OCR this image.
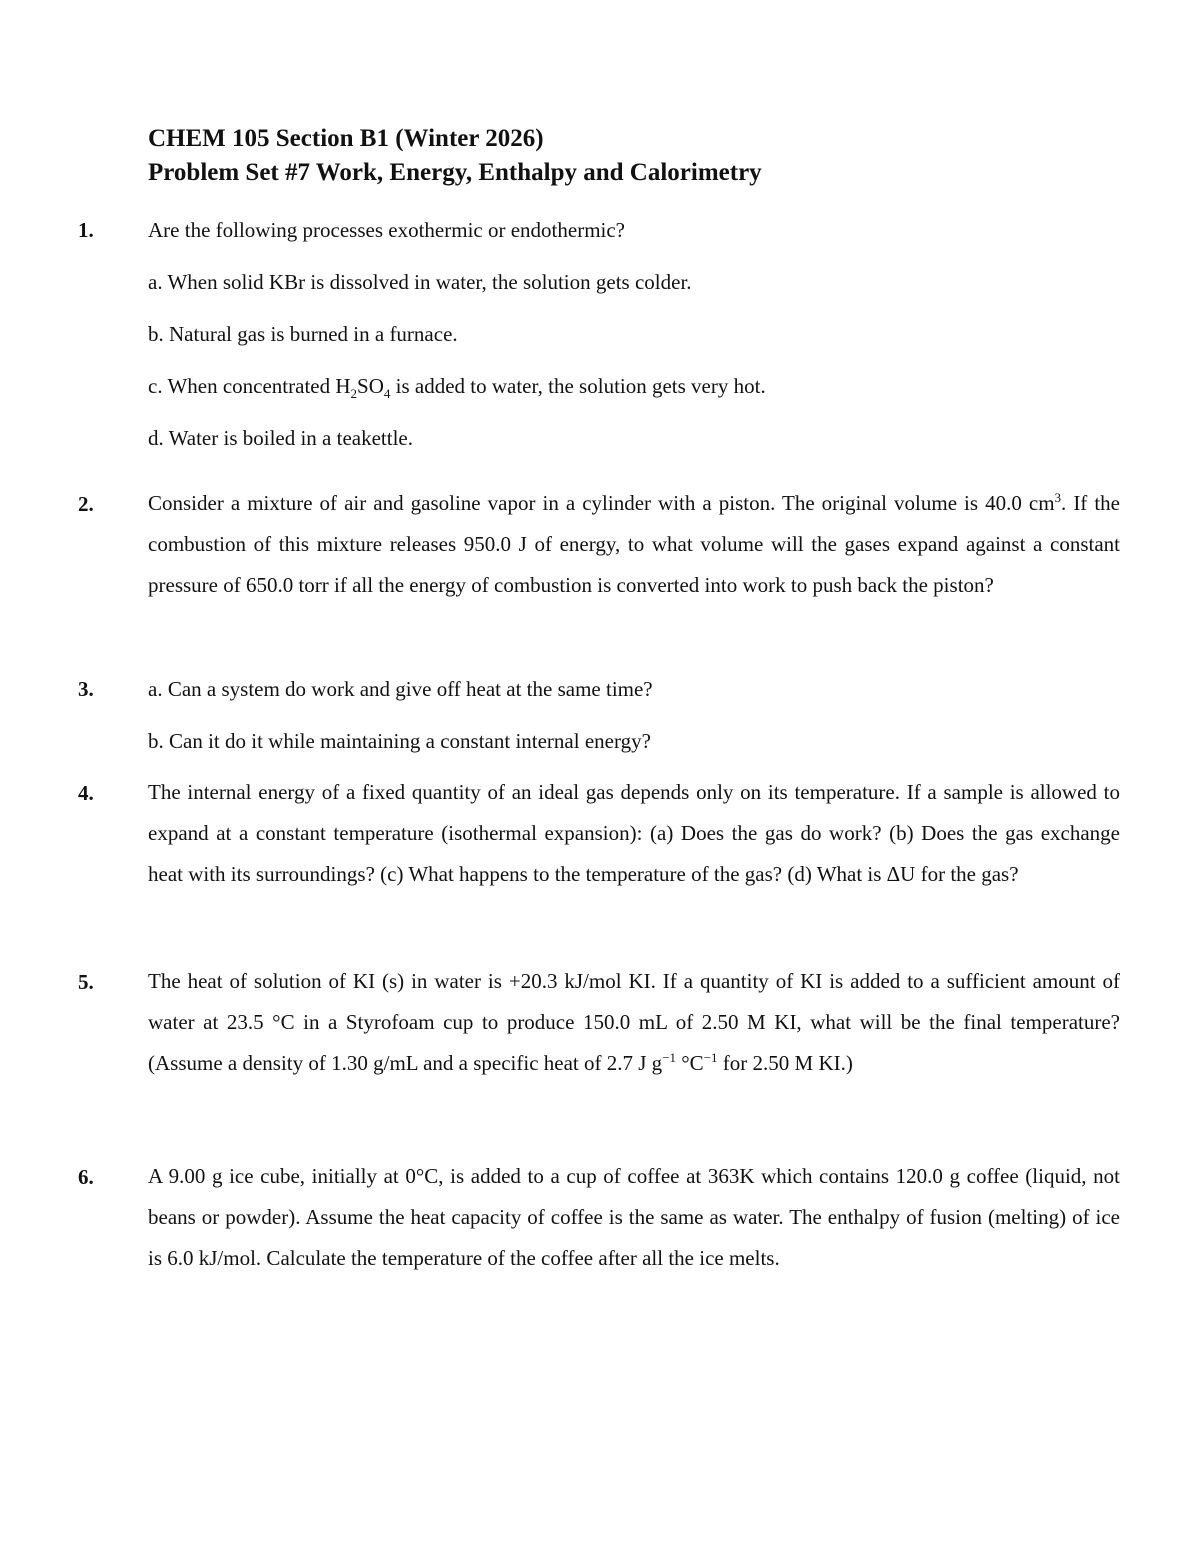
CHEM 105 Section B1 (Winter 2026)
Problem Set #7 Work, Energy, Enthalpy and Calorimetry
1.	Are the following processes exothermic or endothermic?
a. When solid KBr is dissolved in water, the solution gets colder.
b. Natural gas is burned in a furnace.
c. When concentrated $H_2SO_4$ is added to water, the solution gets very hot.
d. Water is boiled in a teakettle.
2.	Consider a mixture of air and gasoline vapor in a cylinder with a piston. The original volume is 40.0 $cm^3$. If the combustion of this mixture releases 950.0 J of energy, to what volume will the gases expand against a constant pressure of 650.0 torr if all the energy of combustion is converted into work to push back the piston?
3.	a. Can a system do work and give off heat at the same time?
b. Can it do it while maintaining a constant internal energy?
4.	The internal energy of a fixed quantity of an ideal gas depends only on its temperature. If a sample is allowed to expand at a constant temperature (isothermal expansion): (a) Does the gas do work? (b) Does the gas exchange heat with its surroundings? (c) What happens to the temperature of the gas? (d) What is ΔU for the gas?
5.	The heat of solution of KI (s) in water is +20.3 kJ/mol KI. If a quantity of KI is added to a sufficient amount of water at 23.5 °C in a Styrofoam cup to produce 150.0 mL of 2.50 M KI, what will be the final temperature? (Assume a density of 1.30 g/mL and a specific heat of 2.7 J $g^{-1}$ $^\circ C^{-1}$ for 2.50 M KI.)
6.	A 9.00 g ice cube, initially at 0°C, is added to a cup of coffee at 363K which contains 120.0 g coffee (liquid, not beans or powder). Assume the heat capacity of coffee is the same as water. The enthalpy of fusion (melting) of ice is 6.0 kJ/mol. Calculate the temperature of the coffee after all the ice melts.
